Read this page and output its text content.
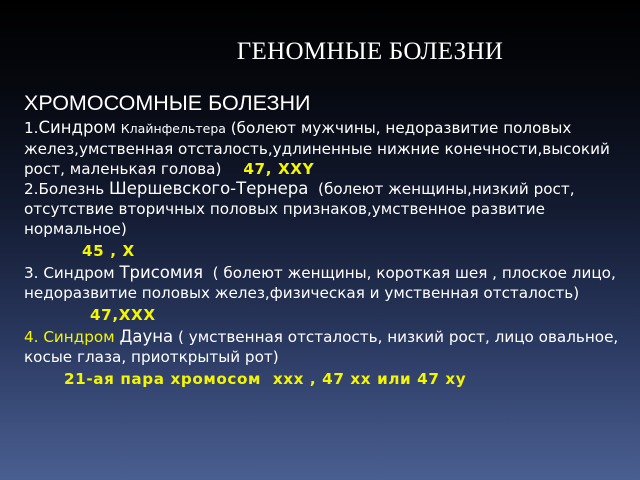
ГЕНОМНЫЕ БОЛЕЗНИ
ХРОМОСОМНЫЕ БОЛЕЗНИ

1.Синдром Клайнфельтера (болеют мужчины, недоразвитие половых желез,умственная отсталость,удлиненные нижние конечности,высокий рост, маленькая голова) 47, XXY

2.Болезнь Шершевского-Тернера (болеют женщины,низкий рост, отсутствие вторичных половых признаков,умственное развитие нормальное)

45 , X

3. Синдром Трисомия ( болеют женщины, короткая шея , плоское лицо, недоразвитие половых желез,физическая и умственная отсталость)

47,XXX

4. Синдром Дауна ( умственная отсталость, низкий рост, лицо овальное, косые глаза, приоткрытый рот)

21-ая пара хромосом  xxx , 47 xx или 47 xу
